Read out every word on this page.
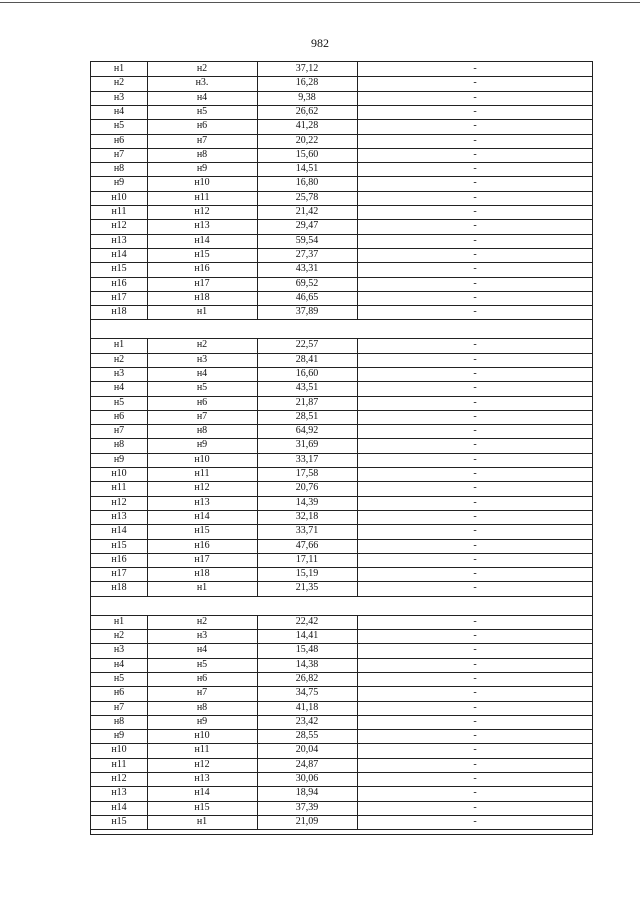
982
н1	н2	37,12	-
н2	н3.	16,28	-
н3	н4	9,38	-
н4	н5	26,62	-
н5	н6	41,28	-
н6	н7	20,22	-
н7	н8	15,60	-
н8	н9	14,51	-
н9	н10	16,80	-
н10	н11	25,78	-
н11	н12	21,42	-
н12	н13	29,47	-
н13	н14	59,54	-
н14	н15	27,37	-
н15	н16	43,31	-
н16	н17	69,52	-
н17	н18	46,65	-
н18	н1	37,89	-
н1	н2	22,57	-
н2	н3	28,41	-
н3	н4	16,60	-
н4	н5	43,51	-
н5	н6	21,87	-
н6	н7	28,51	-
н7	н8	64,92	-
н8	н9	31,69	-
н9	н10	33,17	-
н10	н11	17,58	-
н11	н12	20,76	-
н12	н13	14,39	-
н13	н14	32,18	-
н14	н15	33,71	-
н15	н16	47,66	-
н16	н17	17,11	-
н17	н18	15,19	-
н18	н1	21,35	-
н1	н2	22,42	-
н2	н3	14,41	-
н3	н4	15,48	-
н4	н5	14,38	-
н5	н6	26,82	-
н6	н7	34,75	-
н7	н8	41,18	-
н8	н9	23,42	-
н9	н10	28,55	-
н10	н11	20,04	-
н11	н12	24,87	-
н12	н13	30,06	-
н13	н14	18,94	-
н14	н15	37,39	-
н15	н1	21,09	-
